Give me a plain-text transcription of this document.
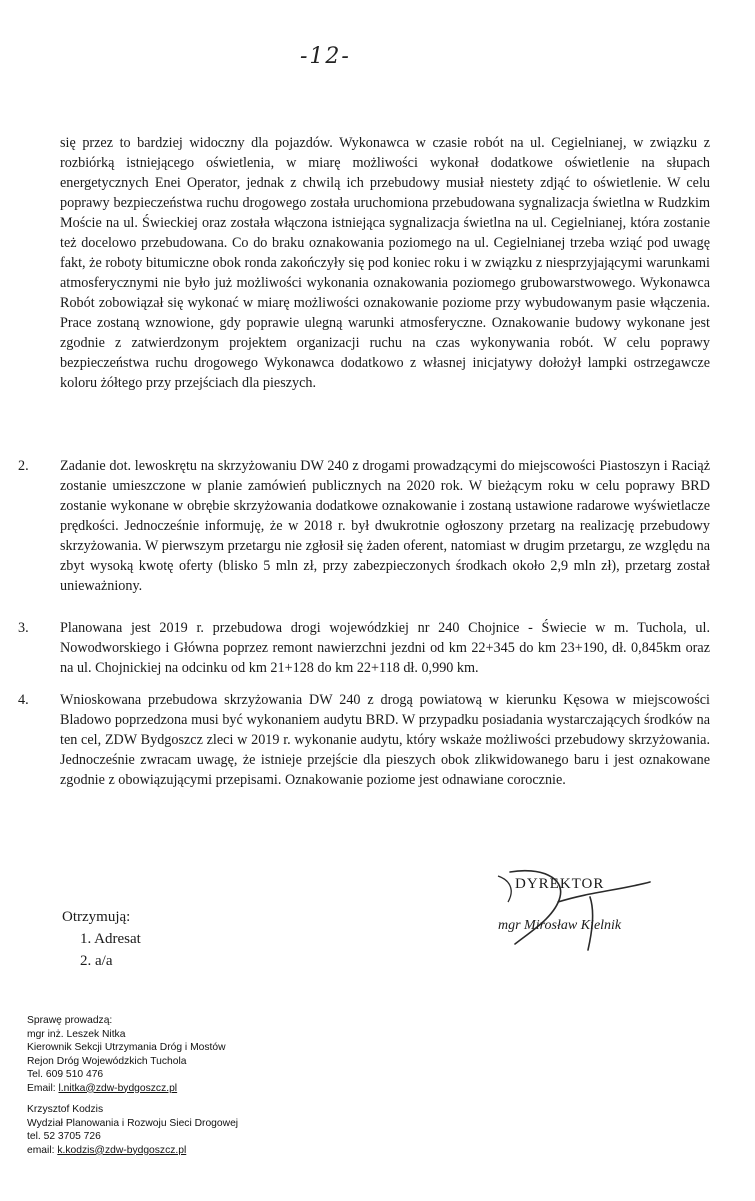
-12-
się przez to bardziej widoczny dla pojazdów. Wykonawca w czasie robót na ul. Cegielnianej, w związku z rozbiórką istniejącego oświetlenia, w miarę możliwości wykonał dodatkowe oświetlenie na słupach energetycznych Enei Operator, jednak z chwilą ich przebudowy musiał niestety zdjąć to oświetlenie. W celu poprawy bezpieczeństwa ruchu drogowego została uruchomiona przebudowana sygnalizacja świetlna w Rudzkim Moście na ul. Świeckiej oraz została włączona istniejąca sygnalizacja świetlna na ul. Cegielnianej, która zostanie też docelowo przebudowana. Co do braku oznakowania poziomego na ul. Cegielnianej trzeba wziąć pod uwagę fakt, że roboty bitumiczne obok ronda zakończyły się pod koniec roku i w związku z niesprzyjającymi warunkami atmosferycznymi nie było już możliwości wykonania oznakowania poziomego grubowarstwowego. Wykonawca Robót zobowiązał się wykonać w miarę możliwości oznakowanie poziome przy wybudowanym pasie włączenia. Prace zostaną wznowione, gdy poprawie ulegną warunki atmosferyczne. Oznakowanie budowy wykonane jest zgodnie z zatwierdzonym projektem organizacji ruchu na czas wykonywania robót. W celu poprawy bezpieczeństwa ruchu drogowego Wykonawca dodatkowo z własnej inicjatywy dołożył lampki ostrzegawcze koloru żółtego przy przejściach dla pieszych.
2.	Zadanie dot. lewoskrętu na skrzyżowaniu DW 240 z drogami prowadzącymi do miejscowości Piastoszyn i Raciąż zostanie umieszczone w planie zamówień publicznych na 2020 rok. W bieżącym roku w celu poprawy BRD zostanie wykonane w obrębie skrzyżowania dodatkowe oznakowanie i zostaną ustawione radarowe wyświetlacze prędkości. Jednocześnie informuję, że w 2018 r. był dwukrotnie ogłoszony przetarg na realizację przebudowy skrzyżowania. W pierwszym przetargu nie zgłosił się żaden oferent, natomiast w drugim przetargu, ze względu na zbyt wysoką kwotę oferty (blisko 5 mln zł, przy zabezpieczonych środkach około 2,9 mln zł), przetarg został unieważniony.
3.	Planowana jest 2019 r. przebudowa drogi wojewódzkiej nr 240 Chojnice - Świecie w m. Tuchola, ul. Nowodworskiego i Główna poprzez remont nawierzchni jezdni od km 22+345 do km 23+190, dł. 0,845km oraz na ul. Chojnickiej na odcinku od km 21+128 do km 22+118 dł. 0,990 km.
4.	Wnioskowana przebudowa skrzyżowania DW 240 z drogą powiatową w kierunku Kęsowa w miejscowości Bladowo poprzedzona musi być wykonaniem audytu BRD. W przypadku posiadania wystarczających środków na ten cel, ZDW Bydgoszcz zleci w 2019 r. wykonanie audytu, który wskaże możliwości przebudowy skrzyżowania. Jednocześnie zwracam uwagę, że istnieje przejście dla pieszych obok zlikwidowanego baru i jest oznakowane zgodnie z obowiązującymi przepisami. Oznakowanie poziome jest odnawiane corocznie.
DYREKTOR
mgr Mirosław Kielnik
Otrzymują:
1. Adresat
2. a/a
Sprawę prowadzą:
mgr inż. Leszek Nitka
Kierownik Sekcji Utrzymania Dróg i Mostów
Rejon Dróg Wojewódzkich Tuchola
Tel. 609 510 476
Email: l.nitka@zdw-bydgoszcz.pl
Krzysztof Kodzis
Wydział Planowania i Rozwoju Sieci Drogowej
tel. 52 3705 726
email: k.kodzis@zdw-bydgoszcz.pl
